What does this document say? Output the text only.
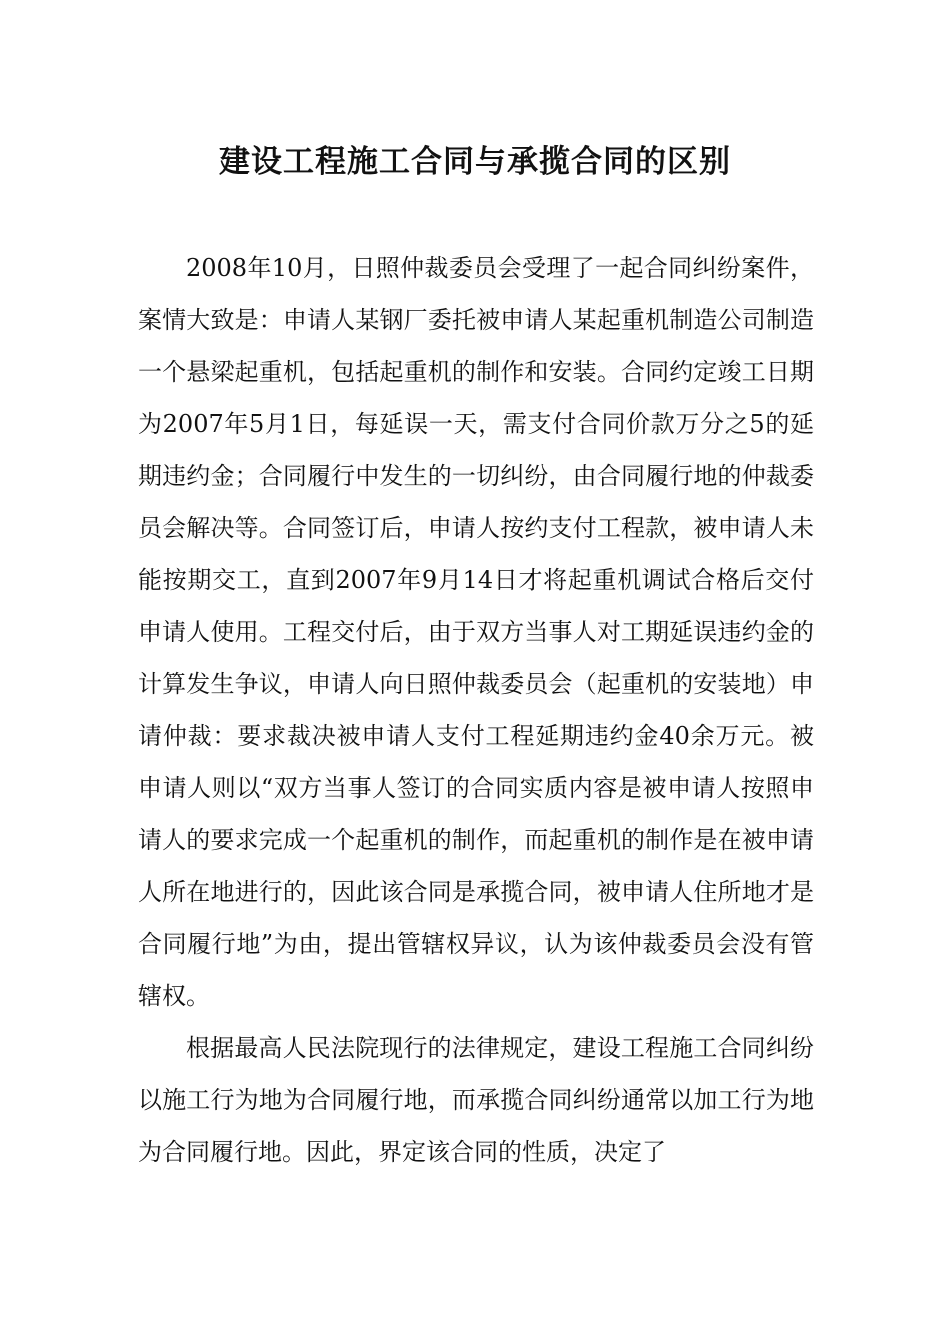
建设工程施工合同与承揽合同的区别

2008年10月，日照仲裁委员会受理了一起合同纠纷案件，案情大致是：申请人某钢厂委托被申请人某起重机制造公司制造一个悬梁起重机，包括起重机的制作和安装。合同约定竣工日期为2007年5月1日，每延误一天，需支付合同价款万分之5的延期违约金；合同履行中发生的一切纠纷，由合同履行地的仲裁委员会解决等。合同签订后，申请人按约支付工程款，被申请人未能按期交工，直到2007年9月14日才将起重机调试合格后交付申请人使用。工程交付后，由于双方当事人对工期延误违约金的计算发生争议，申请人向日照仲裁委员会（起重机的安装地）申请仲裁：要求裁决被申请人支付工程延期违约金40余万元。被申请人则以“双方当事人签订的合同实质内容是被申请人按照申请人的要求完成一个起重机的制作，而起重机的制作是在被申请人所在地进行的，因此该合同是承揽合同，被申请人住所地才是合同履行地”为由，提出管辖权异议，认为该仲裁委员会没有管辖权。

根据最高人民法院现行的法律规定，建设工程施工合同纠纷以施工行为地为合同履行地，而承揽合同纠纷通常以加工行为地为合同履行地。因此，界定该合同的性质，决定了
